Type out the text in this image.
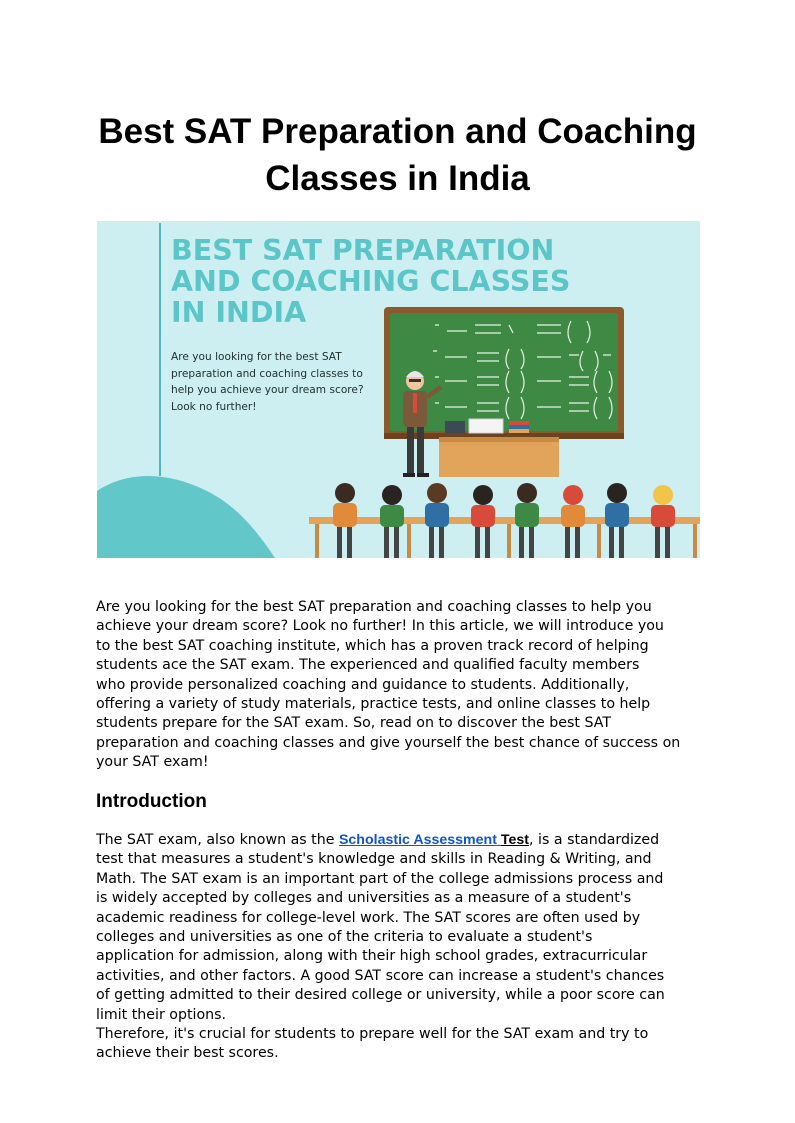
Best SAT Preparation and Coaching Classes in India
BEST SAT PREPARATION
AND COACHING CLASSES
IN INDIA
Are you looking for the best SAT
preparation and coaching classes to
help you achieve your dream score?
Look no further!
Are you looking for the best SAT preparation and coaching classes to help you
achieve your dream score? Look no further! In this article, we will introduce you
to the best SAT coaching institute, which has a proven track record of helping
students ace the SAT exam. The experienced and qualified faculty members
who provide personalized coaching and guidance to students. Additionally,
offering a variety of study materials, practice tests, and online classes to help
students prepare for the SAT exam. So, read on to discover the best SAT
preparation and coaching classes and give yourself the best chance of success on
your SAT exam!
Introduction
The SAT exam, also known as the Scholastic Assessment Test, is a standardized
test that measures a student's knowledge and skills in Reading & Writing, and
Math. The SAT exam is an important part of the college admissions process and
is widely accepted by colleges and universities as a measure of a student's
academic readiness for college-level work. The SAT scores are often used by
colleges and universities as one of the criteria to evaluate a student's
application for admission, along with their high school grades, extracurricular
activities, and other factors. A good SAT score can increase a student's chances
of getting admitted to their desired college or university, while a poor score can
limit their options.
Therefore, it's crucial for students to prepare well for the SAT exam and try to
achieve their best scores.
